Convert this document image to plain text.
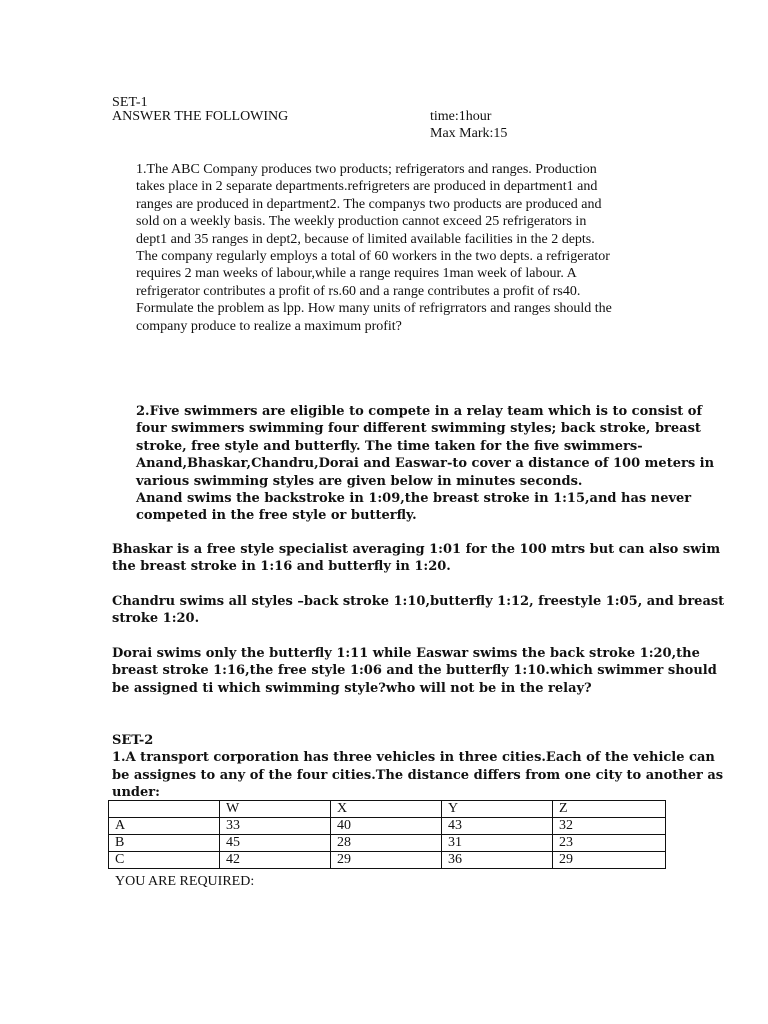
SET-1
ANSWER THE FOLLOWING	time:1hour
Max Mark:15
1.The ABC Company produces two products; refrigerators and ranges. Production
takes place in 2 separate departments.refrigreters are produced in department1 and
ranges are produced in department2. The companys two products are produced and
sold on a weekly basis. The weekly production cannot exceed 25 refrigerators in
dept1 and 35 ranges in dept2, because of limited available facilities in the 2 depts.
The company regularly employs a total of 60 workers in the two depts. a refrigerator
requires 2 man weeks of labour,while a range requires 1man week of labour. A
refrigerator contributes a profit of rs.60 and a range contributes a profit of rs40.
Formulate the problem as lpp. How many units of refrigrrators and ranges should the
company produce to realize a maximum profit?
2.Five swimmers are eligible to compete in a relay team which is to consist of
four swimmers swimming four different swimming styles; back stroke, breast
stroke, free style and butterfly. The time taken for the five swimmers-
Anand,Bhaskar,Chandru,Dorai and Easwar-to cover a distance of 100 meters in
various swimming styles are given below in minutes seconds.
Anand swims the backstroke in 1:09,the breast stroke in 1:15,and has never
competed in the free style or butterfly.
Bhaskar is a free style specialist averaging 1:01 for the 100 mtrs but can also swim
the breast stroke in 1:16 and butterfly in 1:20.
Chandru swims all styles –back stroke 1:10,butterfly 1:12, freestyle 1:05, and breast
stroke 1:20.
Dorai swims only the butterfly 1:11 while Easwar swims the back stroke 1:20,the
breast stroke 1:16,the free style 1:06 and the butterfly 1:10.which swimmer should
be assigned ti which swimming style?who will not be in the relay?
SET-2
1.A transport corporation has three vehicles in three cities.Each of the vehicle can
be assignes to any of the four cities.The distance differs from one city to another as
under:
	W	X	Y	Z
A	33	40	43	32
B	45	28	31	23
C	42	29	36	29
YOU ARE REQUIRED:
